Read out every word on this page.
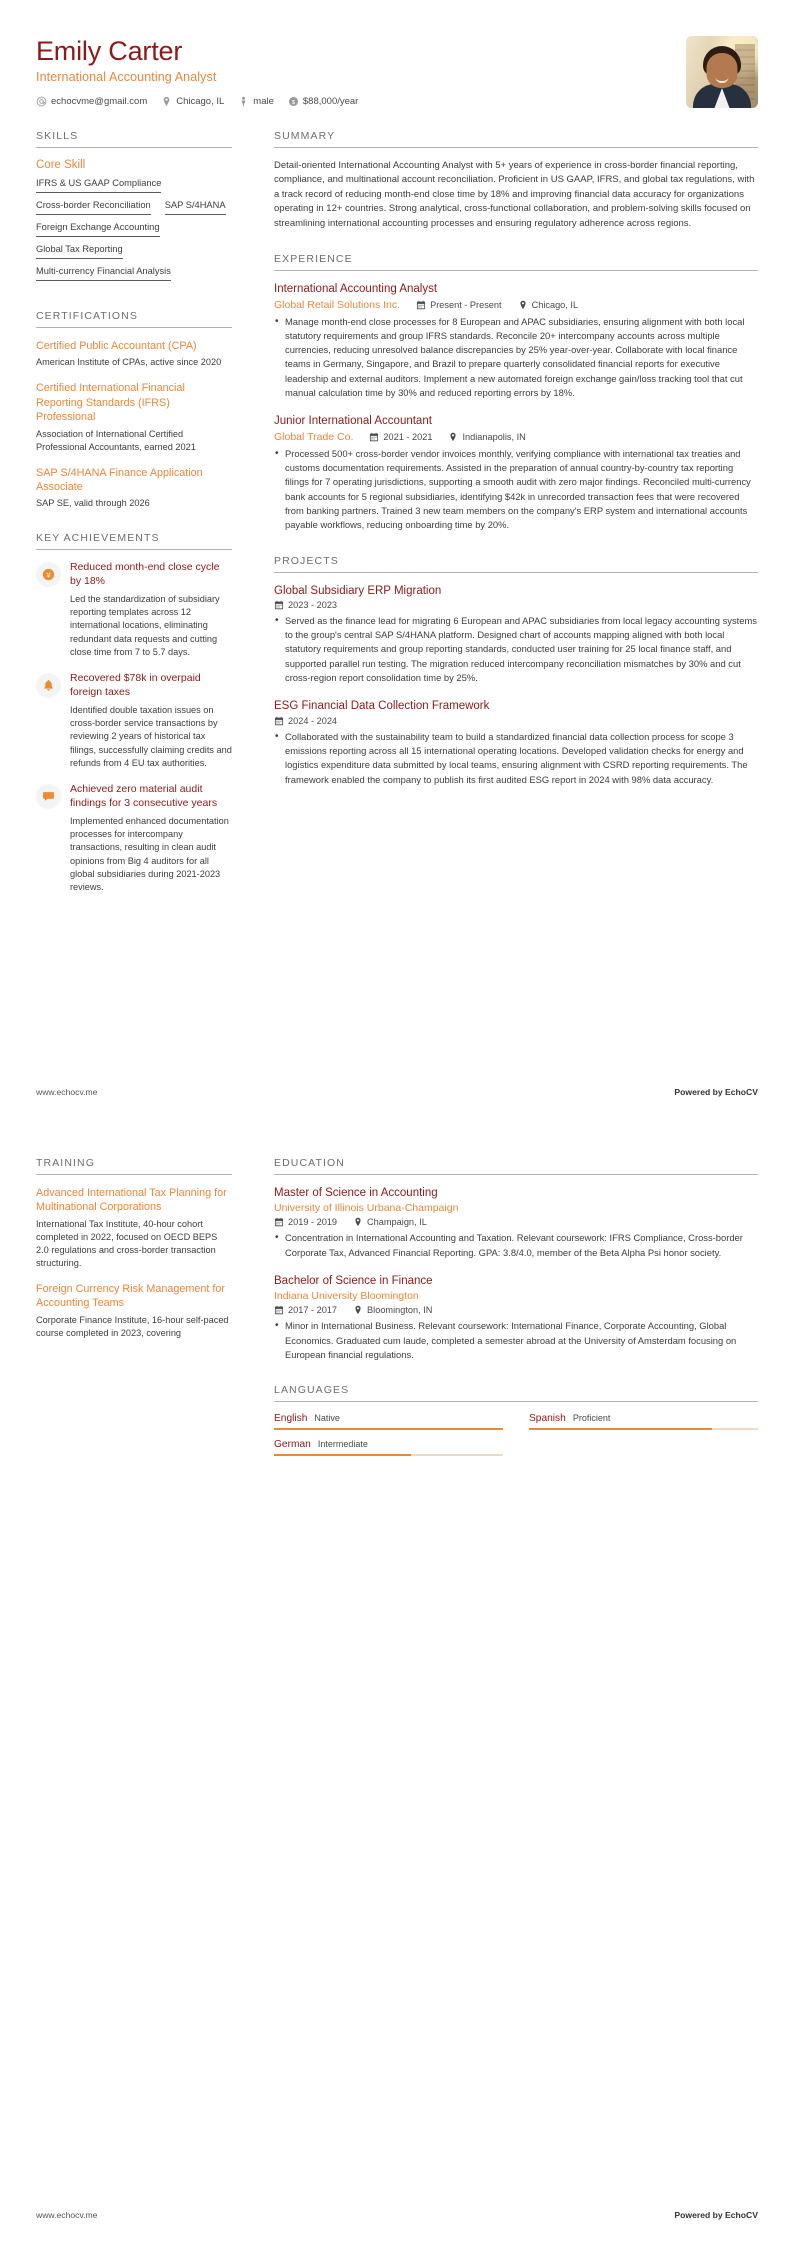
Emily Carter
International Accounting Analyst
echocvme@gmail.com	Chicago, IL	male $ $88,000/year
SKILLS
Core Skill
IFRS & US GAAP Compliance
Cross-border Reconciliation SAP S/4HANA
Foreign Exchange Accounting
Global Tax Reporting
Multi-currency Financial Analysis
CERTIFICATIONS
Certified Public Accountant (CPA)
American Institute of CPAs, active since 2020
Certified International Financial Reporting Standards (IFRS) Professional
Association of International Certified Professional Accountants, earned 2021
SAP S/4HANA Finance Application Associate
SAP SE, valid through 2026
KEY ACHIEVEMENTS
¥
Reduced month-end close cycle by 18%
Led the standardization of subsidiary reporting templates across 12 international locations, eliminating redundant data requests and cutting close time from 7 to 5.7 days.
Recovered $78k in overpaid foreign taxes
Identified double taxation issues on cross-border service transactions by reviewing 2 years of historical tax filings, successfully claiming credits and refunds from 4 EU tax authorities.
Achieved zero material audit findings for 3 consecutive years
Implemented enhanced documentation processes for intercompany transactions, resulting in clean audit opinions from Big 4 auditors for all global subsidiaries during 2021-2023 reviews.
SUMMARY
Detail-oriented International Accounting Analyst with 5+ years of experience in cross-border financial reporting, compliance, and multinational account reconciliation. Proficient in US GAAP, IFRS, and global tax regulations, with a track record of reducing month-end close time by 18% and improving financial data accuracy for organizations operating in 12+ countries. Strong analytical, cross-functional collaboration, and problem-solving skills focused on streamlining international accounting processes and ensuring regulatory adherence across regions.
EXPERIENCE
International Accounting Analyst
Global Retail Solutions Inc.	Present - Present	Chicago, IL
• Manage month-end close processes for 8 European and APAC subsidiaries, ensuring alignment with both local statutory requirements and group IFRS standards. Reconcile 20+ intercompany accounts across multiple currencies, reducing unresolved balance discrepancies by 25% year-over-year. Collaborate with local finance teams in Germany, Singapore, and Brazil to prepare quarterly consolidated financial reports for executive leadership and external auditors. Implement a new automated foreign exchange gain/loss tracking tool that cut manual calculation time by 30% and reduced reporting errors by 18%.
Junior International Accountant
Global Trade Co.	2021 - 2021	Indianapolis, IN
• Processed 500+ cross-border vendor invoices monthly, verifying compliance with international tax treaties and customs documentation requirements. Assisted in the preparation of annual country-by-country tax reporting filings for 7 operating jurisdictions, supporting a smooth audit with zero major findings. Reconciled multi-currency bank accounts for 5 regional subsidiaries, identifying $42k in unrecorded transaction fees that were recovered from banking partners. Trained 3 new team members on the company's ERP system and international accounts payable workflows, reducing onboarding time by 20%.
PROJECTS
Global Subsidiary ERP Migration
2023 - 2023
• Served as the finance lead for migrating 6 European and APAC subsidiaries from local legacy accounting systems to the group's central SAP S/4HANA platform. Designed chart of accounts mapping aligned with both local statutory requirements and group reporting standards, conducted user training for 25 local finance staff, and supported parallel run testing. The migration reduced intercompany reconciliation mismatches by 30% and cut cross-region report consolidation time by 25%.
ESG Financial Data Collection Framework
2024 - 2024
• Collaborated with the sustainability team to build a standardized financial data collection process for scope 3 emissions reporting across all 15 international operating locations. Developed validation checks for energy and logistics expenditure data submitted by local teams, ensuring alignment with CSRD reporting requirements. The framework enabled the company to publish its first audited ESG report in 2024 with 98% data accuracy.
www.echocv.me	Powered by EchoCV
TRAINING
Advanced International Tax Planning for Multinational Corporations
International Tax Institute, 40-hour cohort completed in 2022, focused on OECD BEPS 2.0 regulations and cross-border transaction structuring.
Foreign Currency Risk Management for Accounting Teams
Corporate Finance Institute, 16-hour self-paced course completed in 2023, covering
EDUCATION
Master of Science in Accounting
University of Illinois Urbana-Champaign
2019 - 2019	Champaign, IL
• Concentration in International Accounting and Taxation. Relevant coursework: IFRS Compliance, Cross-border Corporate Tax, Advanced Financial Reporting. GPA: 3.8/4.0, member of the Beta Alpha Psi honor society.
Bachelor of Science in Finance
Indiana University Bloomington
2017 - 2017	Bloomington, IN
• Minor in International Business. Relevant coursework: International Finance, Corporate Accounting, Global Economics. Graduated cum laude, completed a semester abroad at the University of Amsterdam focusing on European financial regulations.
LANGUAGES
English Native	Spanish Proficient
German Intermediate
www.echocv.me	Powered by EchoCV
